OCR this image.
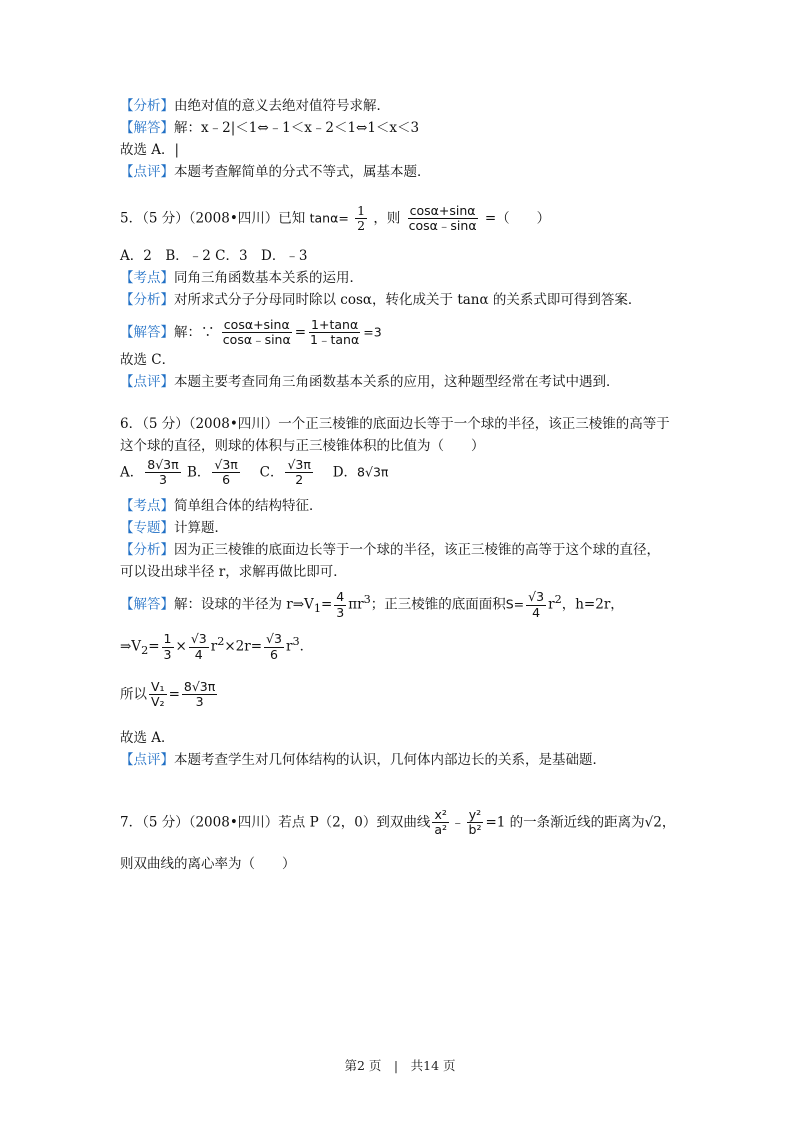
【分析】由绝对值的意义去绝对值符号求解．
【解答】解：x﹣2|＜1⇔﹣1＜x﹣2＜1⇔1＜x＜3
故选 A．|
【点评】本题考查解简单的分式不等式，属基本题．
5．（5 分）（2008•四川）已知 $\tan\alpha= \frac{1}{2}$ ，则 $\frac{\cos\alpha+\sin\alpha}{\cos\alpha﹣\sin\alpha}$ =（　　）
A．2　B．﹣2 C．3　D．﹣3
【考点】同角三角函数基本关系的运用．
【分析】对所求式分子分母同时除以 cosα，转化成关于 tanα 的关系式即可得到答案．
【解答】解：∵ $\frac{\cos\alpha+\sin\alpha}{\cos\alpha﹣\sin\alpha} = \frac{1+\tan\alpha}{1﹣\tan\alpha} =3$
故选 C．
【点评】本题主要考查同角三角函数基本关系的应用，这种题型经常在考试中遇到．
6．（5 分）（2008•四川）一个正三棱锥的底面边长等于一个球的半径，该正三棱锥的高等于
这个球的直径，则球的体积与正三棱锥体积的比值为（　　）
A． $\frac{8√3\pi}{3}$ B． $\frac{√3\pi}{6}$
　 C． $\frac{√3\pi}{2}$
　 D．8√3π
【考点】简单组合体的结构特征．
【专题】计算题．
【分析】因为正三棱锥的底面边长等于一个球的半径，该正三棱锥的高等于这个球的直径，
可以设出球半径 r，求解再做比即可．
【解答】解：设球的半径为 $r\Rightarrow V_1= \frac{4}{3} \pi r^3$；正三棱锥的底面面积$S= \frac{√3}{4} r^2$，h=2r，
$\Rightarrow V_2= \frac{1}{3} \times \frac{√3}{4} r^2\times 2r= \frac{√3}{6} r^3$．
所以 $\frac{\text{V₁}}{\text{V₂}} = \frac{8√3\pi}{3}$
故选 A．
【点评】本题考查学生对几何体结构的认识，几何体内部边长的关系，是基础题．
7．（5 分）（2008•四川）若点 P（2，0）到双曲线 $\frac{\text{x²}}{\text{a²}}$ ﹣ $\frac{\text{y²}}{\text{b²}} =1$ 的一条渐近线的距离为√2，
则双曲线的离心率为（　　）
第2 页　|　共14 页
